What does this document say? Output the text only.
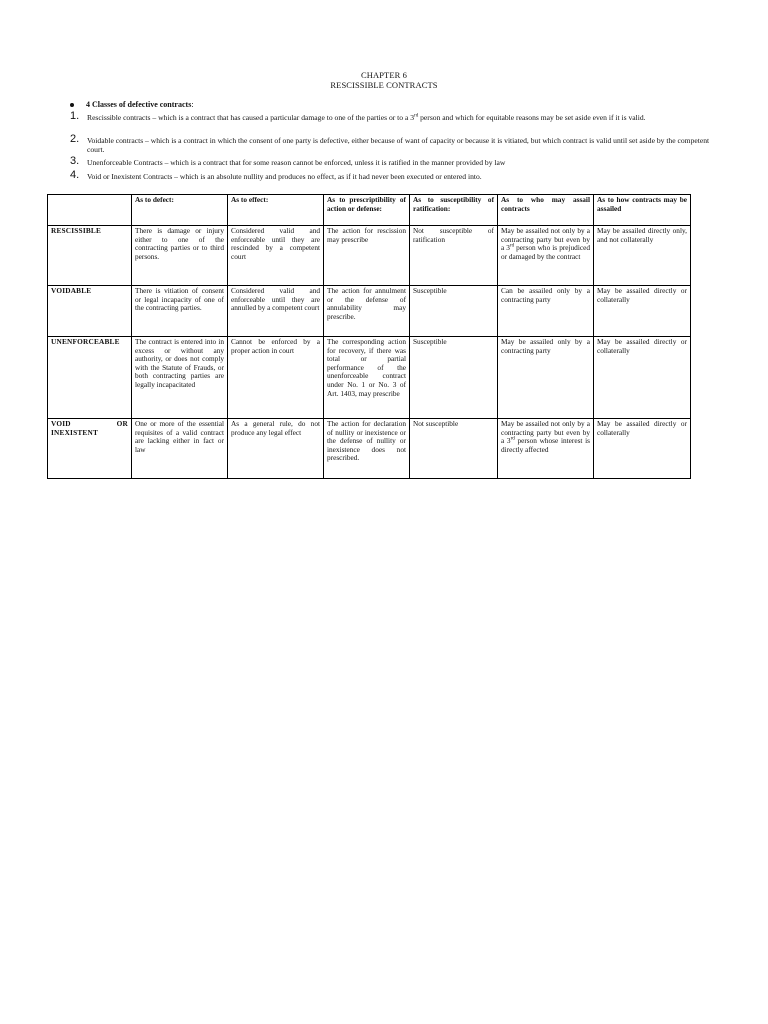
CHAPTER 6
RESCISSIBLE CONTRACTS
4 Classes of defective contracts :
1.	Rescissible contracts – which is a contract that has caused a particular damage to one of the parties or to a 3rd person and which for equitable reasons may be set aside even if it is valid.
2.	Voidable contracts – which is a contract in which the consent of one party is defective, either because of want of capacity or because it is vitiated, but which contract is valid until set aside by the competent court.
3.	Unenforceable Contracts – which is a contract that for some reason cannot be enforced, unless it is ratified in the manner provided by law
4.	Void or Inexistent Contracts – which is an absolute nullity and produces no effect, as if it had never been executed or entered into.
	As to defect:	As to effect:	As to prescriptibility of action or defense:	As to susceptibility of ratification:	As to who may assail contracts	As to how contracts may be assailed
RESCISSIBLE	There is damage or injury either to one of the contracting parties or to third persons.	Considered valid and enforceable until they are rescinded by a competent court	The action for rescission may prescribe	Not susceptible of ratification	May be assailed not only by a contracting party but even by a 3rd person who is prejudiced or damaged by the contract	May be assailed directly only, and not collaterally
VOIDABLE	There is vitiation of consent or legal incapacity of one of the contracting parties.	Considered valid and enforceable until they are annulled by a competent court	The action for annulment or the defense of annulability may prescribe.	Susceptible	Can be assailed only by a contracting party	May be assailed directly or collaterally
UNENFORCEABLE	The contract is entered into in excess or without any authority, or does not comply with the Statute of Frauds, or both contracting parties are legally incapacitated	Cannot be enforced by a proper action in court	The corresponding action for recovery, if there was total or partial performance of the unenforceable contract under No. 1 or No. 3 of Art. 1403, may prescribe	Susceptible	May be assailed only by a contracting party	May be assailed directly or collaterally
VOID OR INEXISTENT	One or more of the essential requisites of a valid contract are lacking either in fact or law	As a general rule, do not produce any legal effect	The action for declaration of nullity or inexistence or the defense of nullity or inexistence does not prescribed.	Not susceptible	May be assailed not only by a contracting party but even by a 3rd person whose interest is directly affected	May be assailed directly or collaterally
